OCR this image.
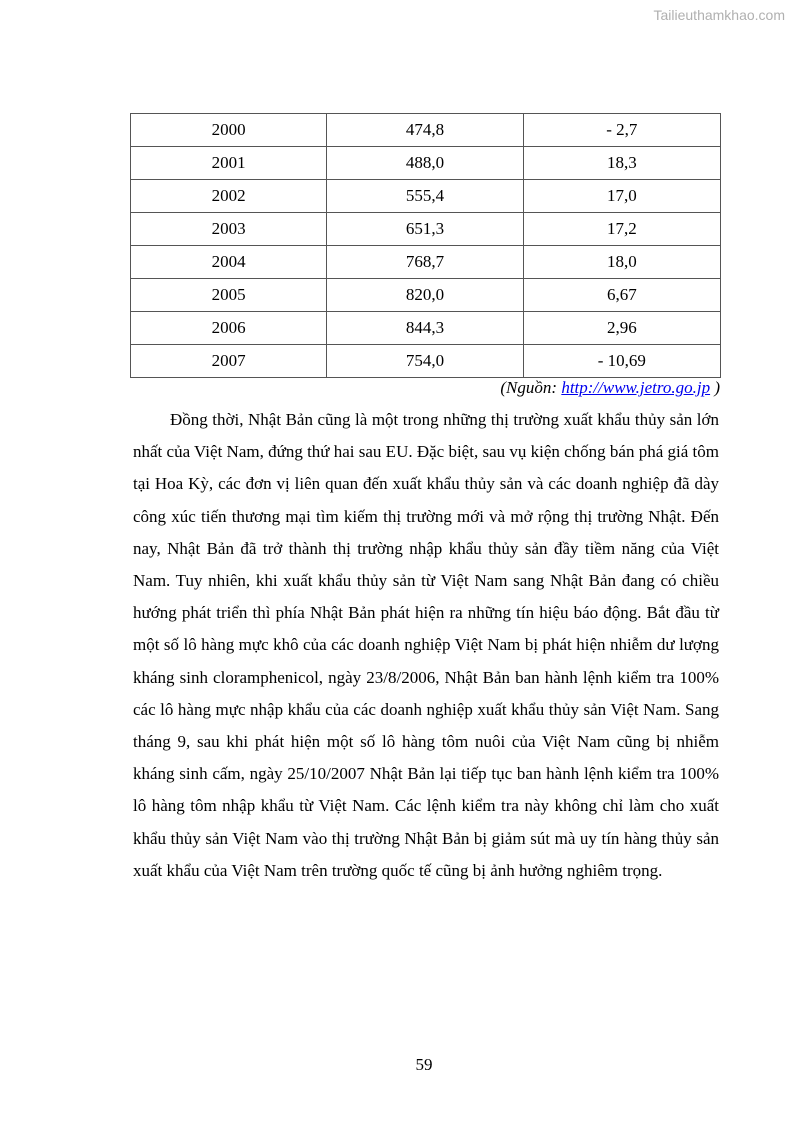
Tailieuthamkhao.com
2000	474,8	- 2,7
2001	488,0	18,3
2002	555,4	17,0
2003	651,3	17,2
2004	768,7	18,0
2005	820,0	6,67
2006	844,3	2,96
2007	754,0	- 10,69
(Nguồn: http://www.jetro.go.jp )

Đồng thời, Nhật Bản cũng là một trong những thị trường xuất khẩu thủy sản lớn nhất của Việt Nam, đứng thứ hai sau EU. Đặc biệt, sau vụ kiện chống bán phá giá tôm tại Hoa Kỳ, các đơn vị liên quan đến xuất khẩu thủy sản và các doanh nghiệp đã dày công xúc tiến thương mại tìm kiếm thị trường mới và mở rộng thị trường Nhật. Đến nay, Nhật Bản đã trở thành thị trường nhập khẩu thủy sản đầy tiềm năng của Việt Nam. Tuy nhiên, khi xuất khẩu thủy sản từ Việt Nam sang Nhật Bản đang có chiều hướng phát triển thì phía Nhật Bản phát hiện ra những tín hiệu báo động. Bắt đầu từ một số lô hàng mực khô của các doanh nghiệp Việt Nam bị phát hiện nhiễm dư lượng kháng sinh cloramphenicol, ngày 23/8/2006, Nhật Bản ban hành lệnh kiểm tra 100% các lô hàng mực nhập khẩu của các doanh nghiệp xuất khẩu thủy sản Việt Nam. Sang tháng 9, sau khi phát hiện một số lô hàng tôm nuôi của Việt Nam cũng bị nhiễm kháng sinh cấm, ngày 25/10/2007 Nhật Bản lại tiếp tục ban hành lệnh kiểm tra 100% lô hàng tôm nhập khẩu từ Việt Nam. Các lệnh kiểm tra này không chỉ làm cho xuất khẩu thủy sản Việt Nam vào thị trường Nhật Bản bị giảm sút mà uy tín hàng thủy sản xuất khẩu của Việt Nam trên trường quốc tế cũng bị ảnh hưởng nghiêm trọng.

59
